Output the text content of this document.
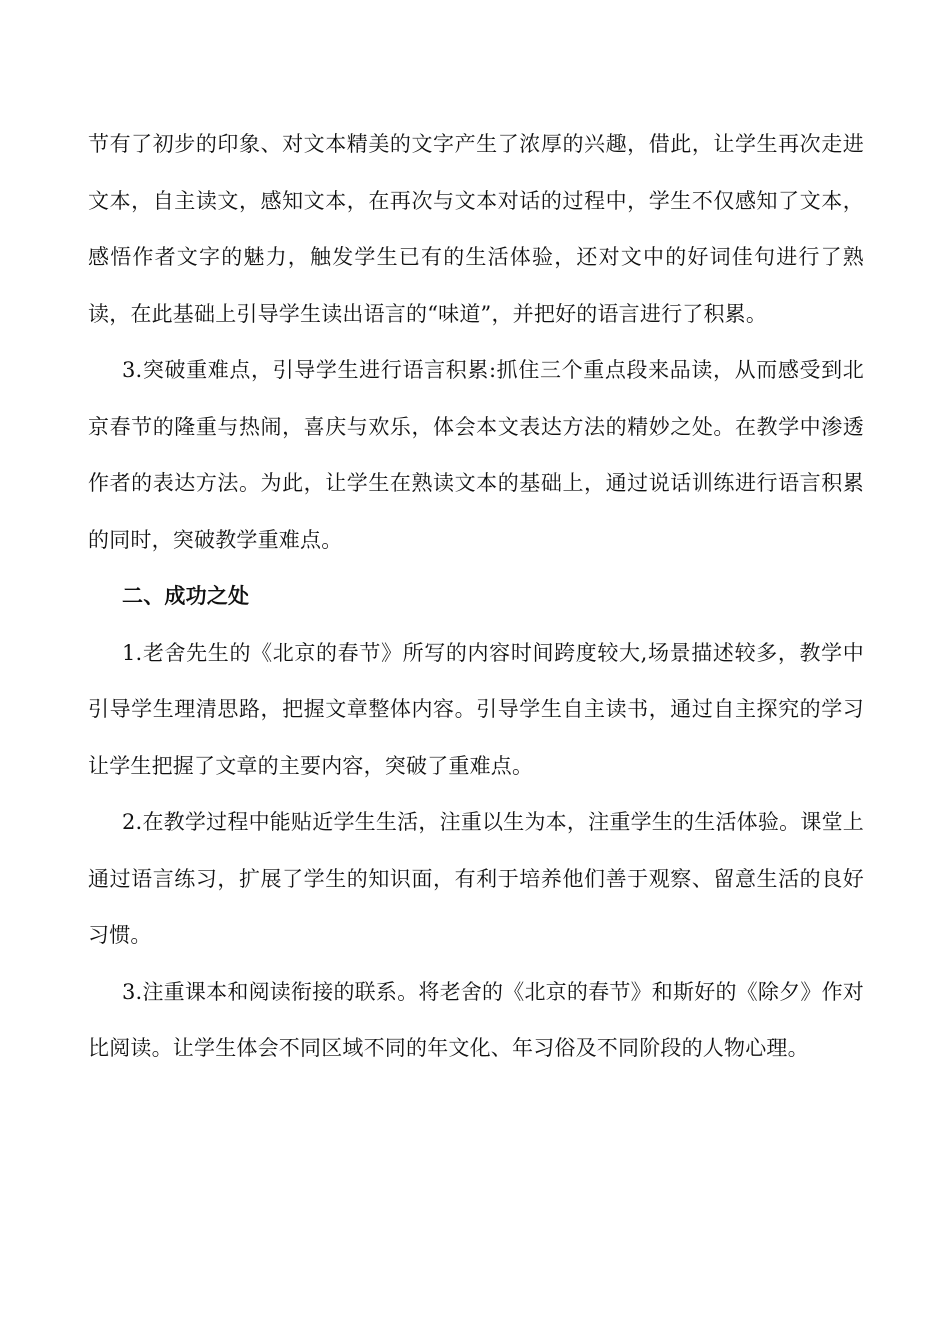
节有了初步的印象、对文本精美的文字产生了浓厚的兴趣，借此，让学生再次走进文本，自主读文，感知文本，在再次与文本对话的过程中，学生不仅感知了文本，感悟作者文字的魅力，触发学生已有的生活体验，还对文中的好词佳句进行了熟读，在此基础上引导学生读出语言的“味道”，并把好的语言进行了积累。

3.突破重难点，引导学生进行语言积累:抓住三个重点段来品读，从而感受到北京春节的隆重与热闹，喜庆与欢乐，体会本文表达方法的精妙之处。在教学中渗透作者的表达方法。为此，让学生在熟读文本的基础上，通过说话训练进行语言积累的同时，突破教学重难点。

二、成功之处

1.老舍先生的《北京的春节》所写的内容时间跨度较大,场景描述较多，教学中引导学生理清思路，把握文章整体内容。引导学生自主读书，通过自主探究的学习让学生把握了文章的主要内容，突破了重难点。

2.在教学过程中能贴近学生生活，注重以生为本，注重学生的生活体验。课堂上通过语言练习，扩展了学生的知识面，有利于培养他们善于观察、留意生活的良好习惯。

3.注重课本和阅读衔接的联系。将老舍的《北京的春节》和斯好的《除夕》作对比阅读。让学生体会不同区域不同的年文化、年习俗及不同阶段的人物心理。
